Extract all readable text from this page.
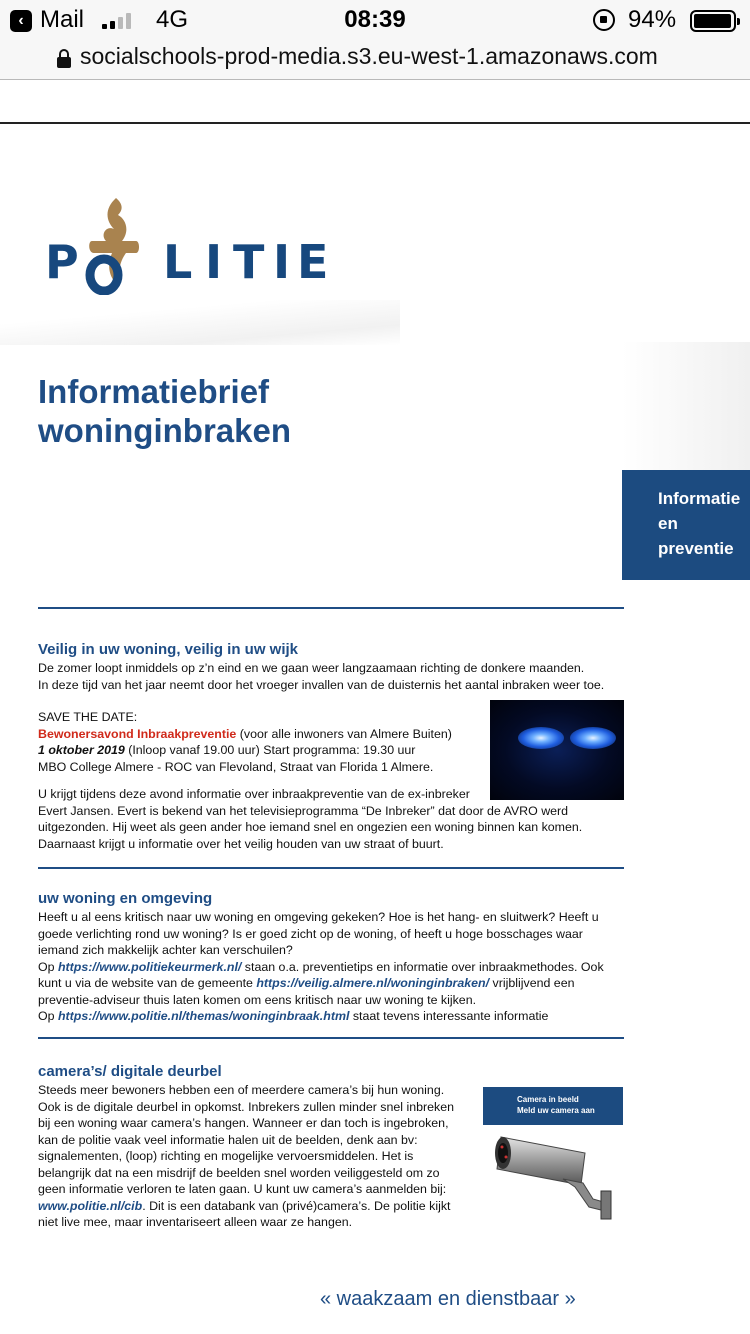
‹ Mail	4G	08:39	94%
socialschools-prod-media.s3.eu-west-1.amazonaws.com
P L I T I E
Informatiebrief
woninginbraken
Informatie
en
preventie
Veilig in uw woning, veilig in uw wijk
De zomer loopt inmiddels op z’n eind en we gaan weer langzaamaan richting de donkere maanden.
In deze tijd van het jaar neemt door het vroeger invallen van de duisternis het aantal inbraken weer toe.
SAVE THE DATE:
Bewonersavond Inbraakpreventie (voor alle inwoners van Almere Buiten)
1 oktober 2019 (Inloop vanaf 19.00 uur) Start programma: 19.30 uur
MBO College Almere - ROC van Flevoland, Straat van Florida 1 Almere.
U krijgt tijdens deze avond informatie over inbraakpreventie van de ex-inbreker
Evert Jansen. Evert is bekend van het televisieprogramma “De Inbreker” dat door de AVRO werd
uitgezonden. Hij weet als geen ander hoe iemand snel en ongezien een woning binnen kan komen.
Daarnaast krijgt u informatie over het veilig houden van uw straat of buurt.
uw woning en omgeving
Heeft u al eens kritisch naar uw woning en omgeving gekeken? Hoe is het hang- en sluitwerk? Heeft u
goede verlichting rond uw woning? Is er goed zicht op de woning, of heeft u hoge bosschages waar
iemand zich makkelijk achter kan verschuilen?
Op https://www.politiekeurmerk.nl/ staan o.a. preventietips en informatie over inbraakmethodes. Ook
kunt u via de website van de gemeente https://veilig.almere.nl/woninginbraken/ vrijblijvend een
preventie-adviseur thuis laten komen om eens kritisch naar uw woning te kijken.
Op https://www.politie.nl/themas/woninginbraak.html staat tevens interessante informatie
camera’s/ digitale deurbel
Steeds meer bewoners hebben een of meerdere camera’s bij hun woning.
Ook is de digitale deurbel in opkomst. Inbrekers zullen minder snel inbreken
bij een woning waar camera’s hangen. Wanneer er dan toch is ingebroken,
kan de politie vaak veel informatie halen uit de beelden, denk aan bv:
signalementen, (loop) richting en mogelijke vervoersmiddelen. Het is
belangrijk dat na een misdrijf de beelden snel worden veiliggesteld om zo
geen informatie verloren te laten gaan. U kunt uw camera’s aanmelden bij:
www.politie.nl/cib. Dit is een databank van (privé)camera’s. De politie kijkt
niet live mee, maar inventariseert alleen waar ze hangen.
Camera in beeld
Meld uw camera aan
« waakzaam en dienstbaar »
